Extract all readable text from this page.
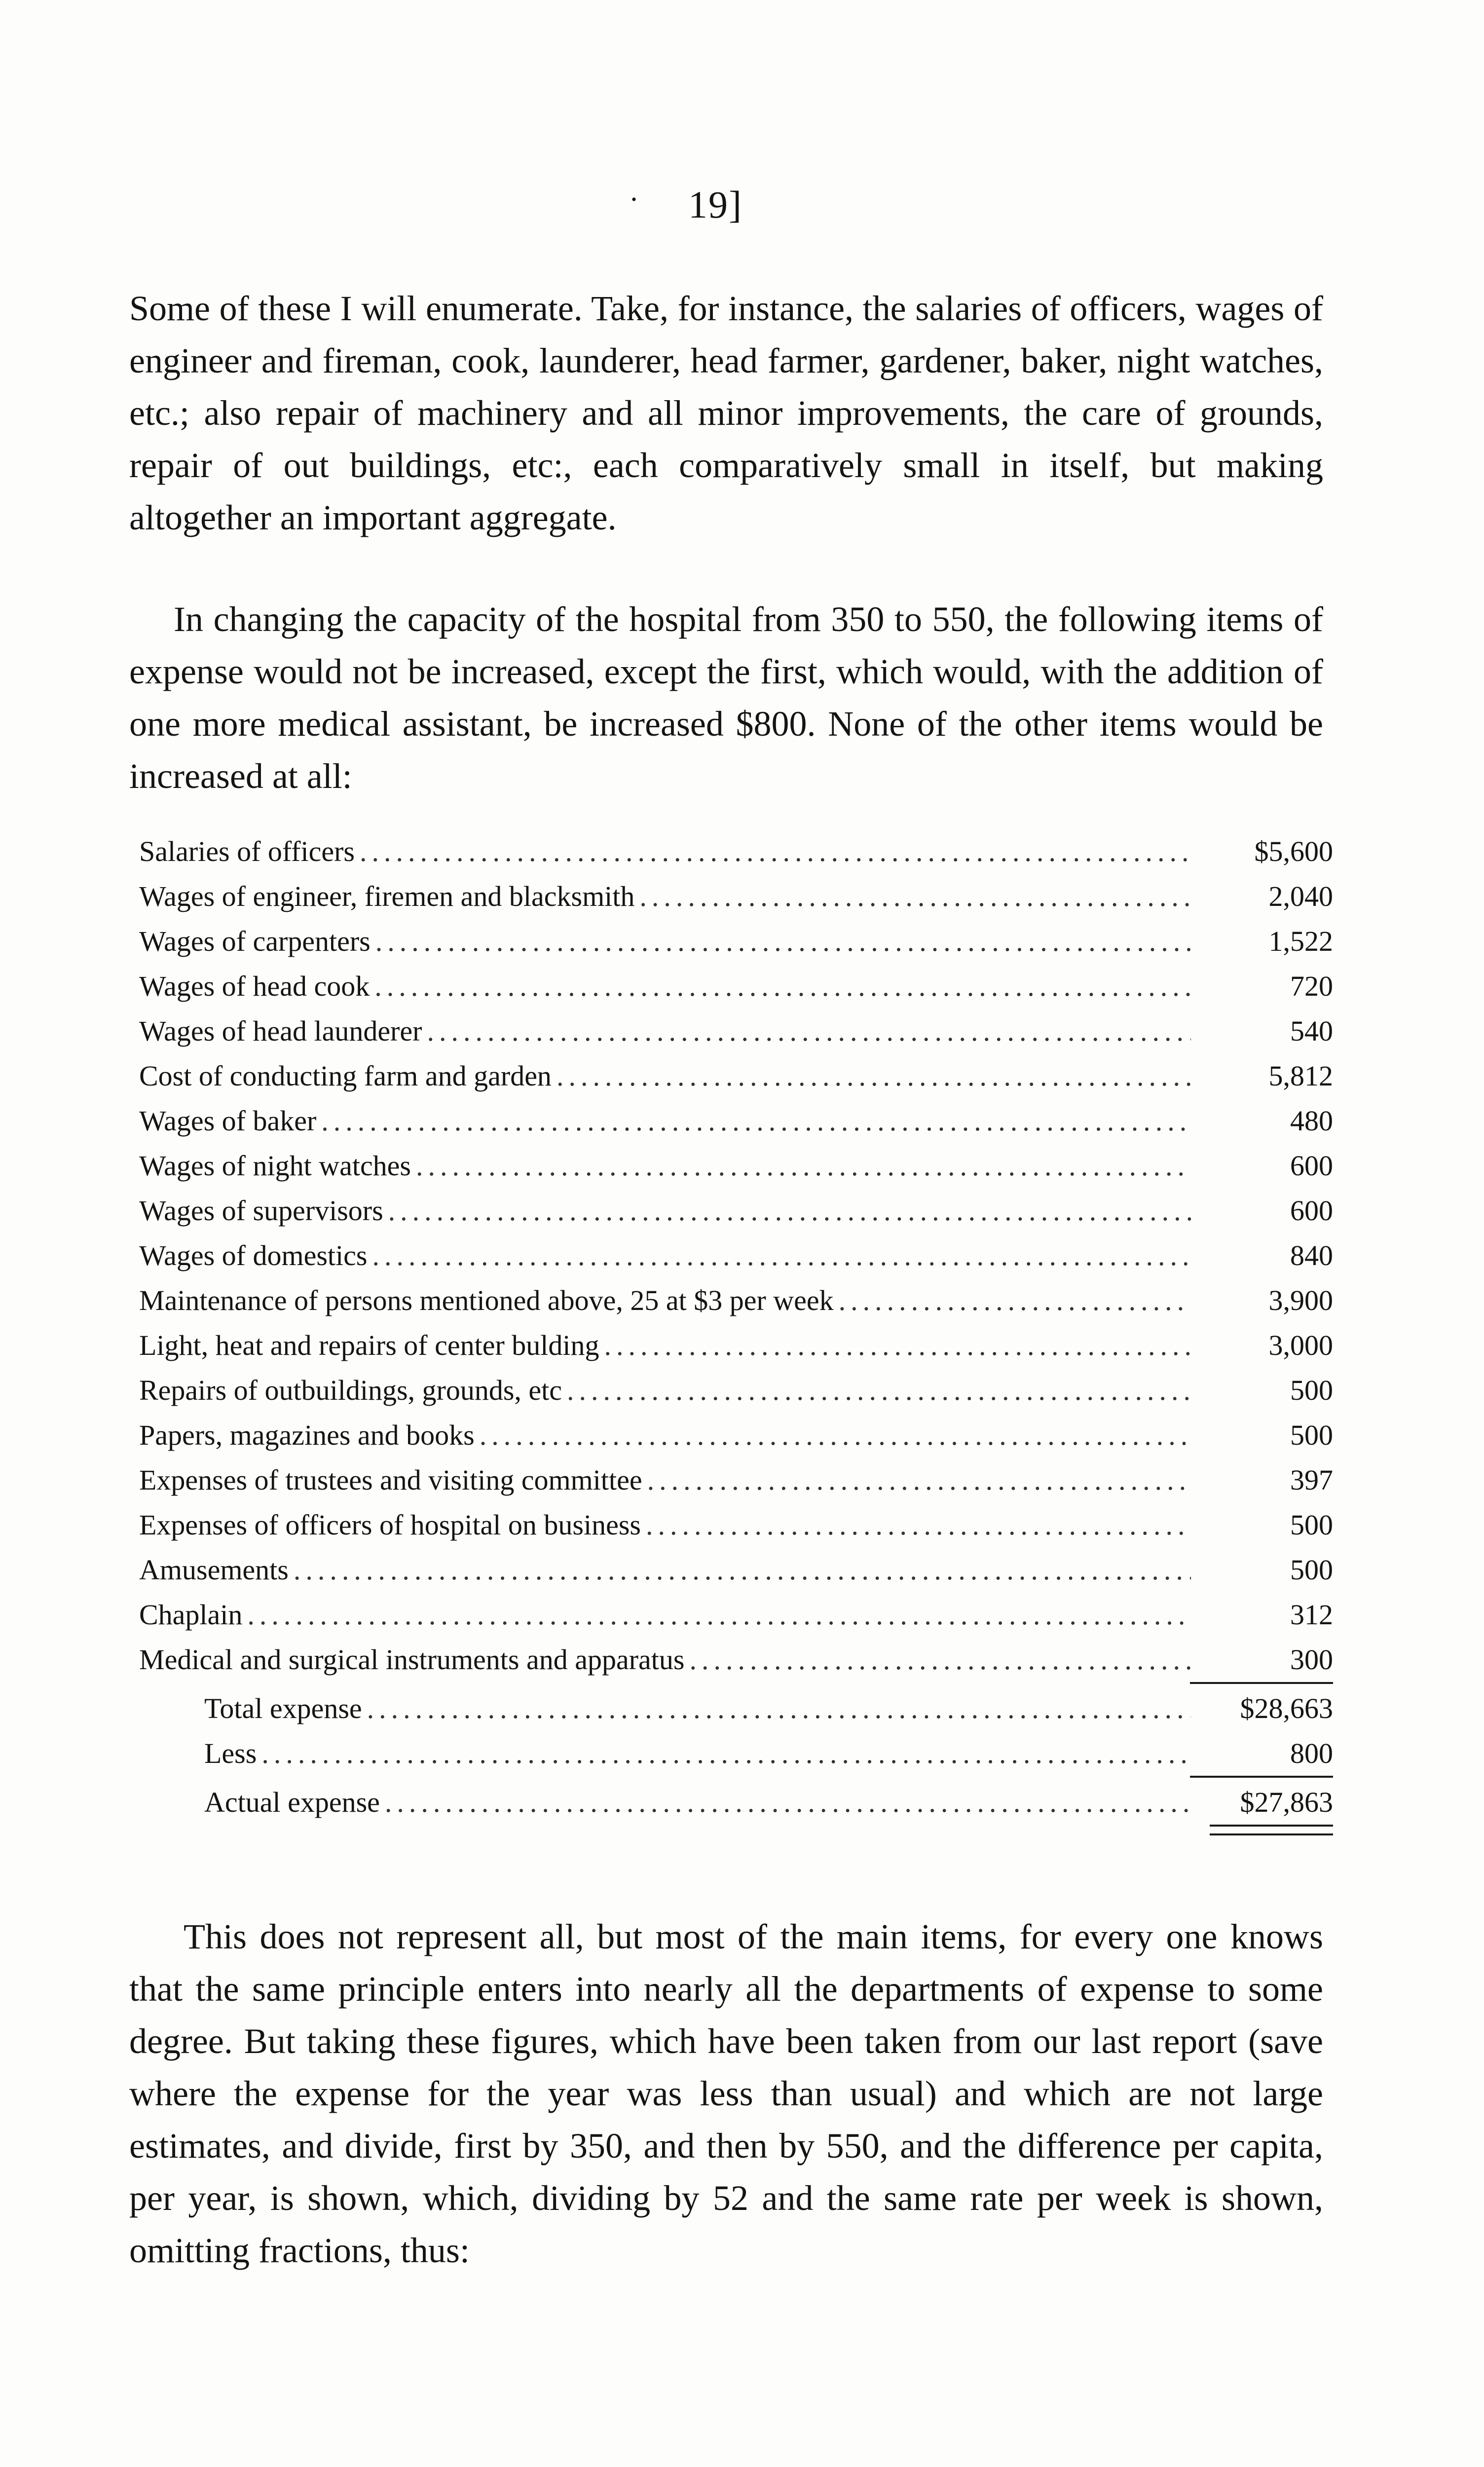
· 19]

Some of these I will enumerate. Take, for instance, the salaries of officers, wages of engineer and fireman, cook, launderer, head farmer, gardener, baker, night watches, etc.; also repair of machinery and all minor improvements, the care of grounds, repair of out buildings, etc:, each comparatively small in itself, but making altogether an important aggregate.

In changing the capacity of the hospital from 350 to 550, the following items of expense would not be increased, except the first, which would, with the addition of one more medical assistant, be increased $800. None of the other items would be increased at all:

Salaries of officers .....	$5,600
Wages of engineer, firemen and blacksmith .....	2,040
Wages of carpenters .....	1,522
Wages of head cook .....	720
Wages of head launderer .....	540
Cost of conducting farm and garden .....	5,812
Wages of baker .....	480
Wages of night watches .....	600
Wages of supervisors .....	600
Wages of domestics .....	840
Maintenance of persons mentioned above, 25 at $3 per week .....	3,900
Light, heat and repairs of center bulding .....	3,000
Repairs of outbuildings, grounds, etc .....	500
Papers, magazines and books .....	500
Expenses of trustees and visiting committee .....	397
Expenses of officers of hospital on business .....	500
Amusements .....	500
Chaplain .....	312
Medical and surgical instruments and apparatus .....	300
Total expense .....	$28,663
Less .....	800
Actual expense .....	$27,863

This does not represent all, but most of the main items, for every one knows that the same principle enters into nearly all the departments of expense to some degree. But taking these figures, which have been taken from our last report (save where the expense for the year was less than usual) and which are not large estimates, and divide, first by 350, and then by 550, and the difference per capita, per year, is shown, which, dividing by 52 and the same rate per week is shown, omitting fractions, thus:
